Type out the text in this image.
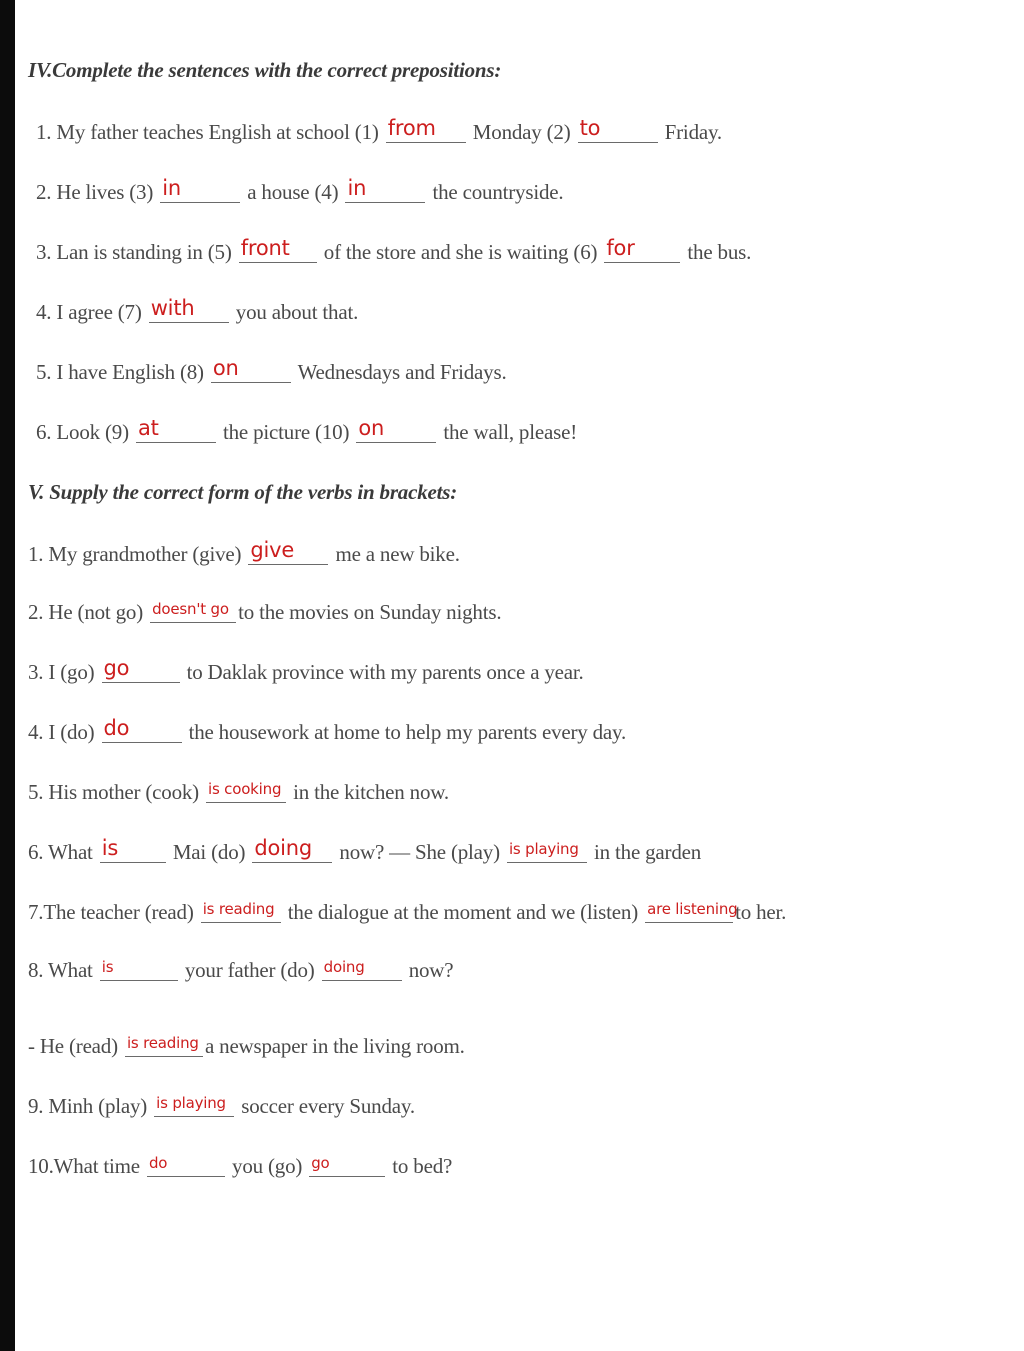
IV.Complete the sentences with the correct prepositions:
1. My father teaches English at school (1) from Monday (2) to	Friday.
2. He lives (3) in	a house (4) in	the countryside.
3. Lan is standing in (5) front of the store and she is waiting (6) for	the bus.
4. I agree (7) with you about that.
5. I have English (8) on	Wednesdays and Fridays.
6. Look (9) at	the picture (10) on	the wall, please!
V. Supply the correct form of the verbs in brackets:
1. My grandmother (give) give me a new bike.
2. He (not go) doesn't go to the movies on Sunday nights.
3. I (go) go	to Daklak province with my parents once a year.
4. I (do) do	the housework at home to help my parents every day.
5. His mother (cook) is cooking in the kitchen now.
6. What is	Mai (do) doing now? — She (play) is playing in the garden
7.The teacher (read) is reading the dialogue at the moment and we (listen) are listening
to her.
8. What is	your father (do) doing now?
- He (read) is reading a newspaper in the living room.
9. Minh (play) is playing soccer every Sunday.
10.What time do	you (go) go	to bed?
